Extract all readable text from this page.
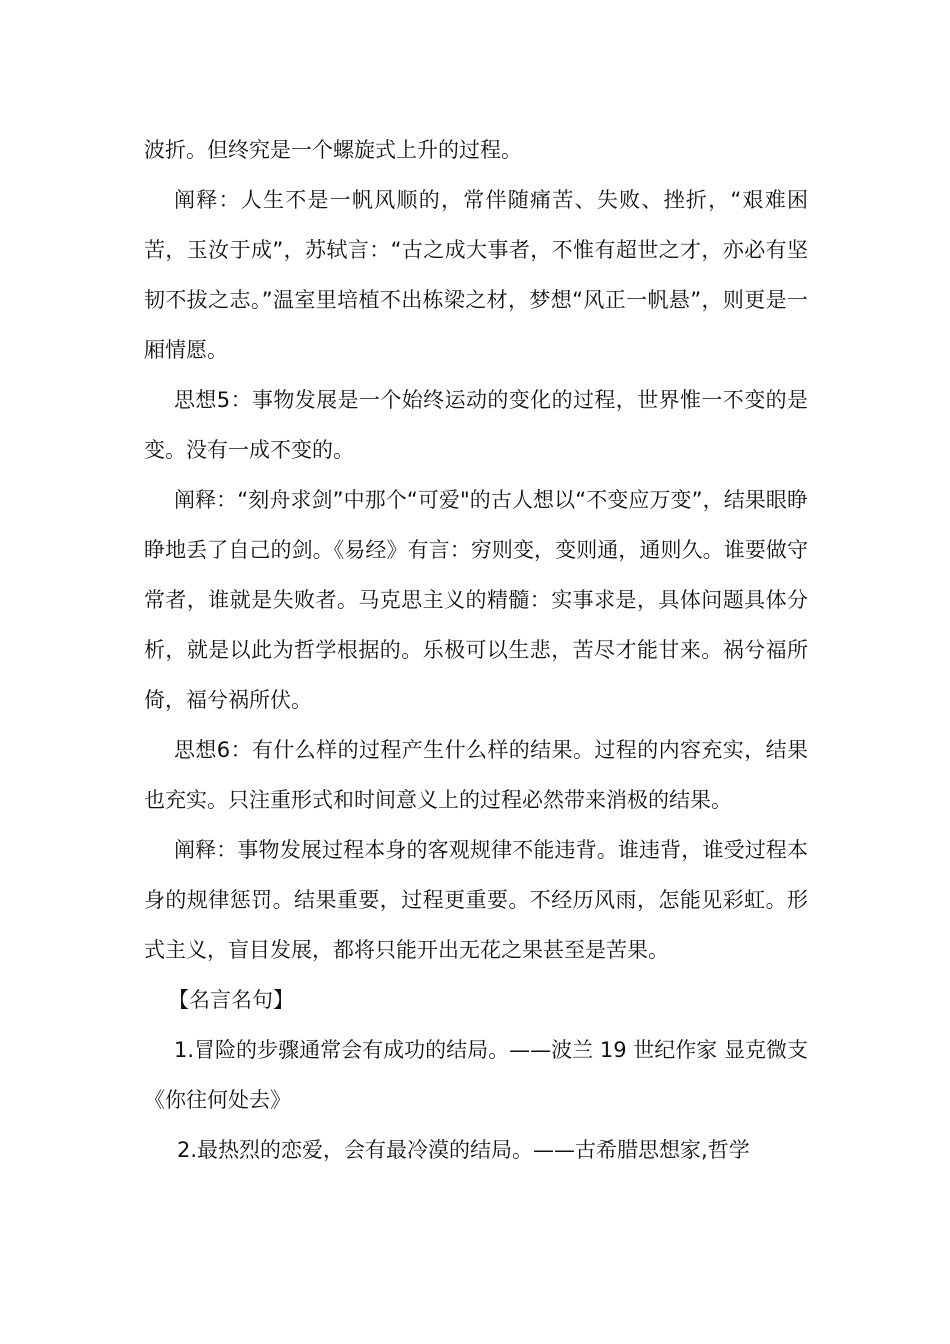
波折。但终究是一个螺旋式上升的过程。

阐释：人生不是一帆风顺的，常伴随痛苦、失败、挫折，“艰难困苦，玉汝于成”，苏轼言：“古之成大事者，不惟有超世之才，亦必有坚韧不拔之志。”温室里培植不出栋梁之材，梦想“风正一帆悬”，则更是一厢情愿。

思想5：事物发展是一个始终运动的变化的过程，世界惟一不变的是变。没有一成不变的。

阐释：“刻舟求剑”中那个“可爱"的古人想以“不变应万变”，结果眼睁睁地丢了自己的剑。《易经》有言：穷则变，变则通，通则久。谁要做守常者，谁就是失败者。马克思主义的精髓：实事求是，具体问题具体分析，就是以此为哲学根据的。乐极可以生悲，苦尽才能甘来。祸兮福所倚，福兮祸所伏。

思想6：有什么样的过程产生什么样的结果。过程的内容充实，结果也充实。只注重形式和时间意义上的过程必然带来消极的结果。

阐释：事物发展过程本身的客观规律不能违背。谁违背，谁受过程本身的规律惩罚。结果重要，过程更重要。不经历风雨，怎能见彩虹。形式主义，盲目发展，都将只能开出无花之果甚至是苦果。

【名言名句】

1.冒险的步骤通常会有成功的结局。——波兰 19 世纪作家 显克微支 《你往何处去》

2.最热烈的恋爱，会有最冷漠的结局。——古希腊思想家,哲学
